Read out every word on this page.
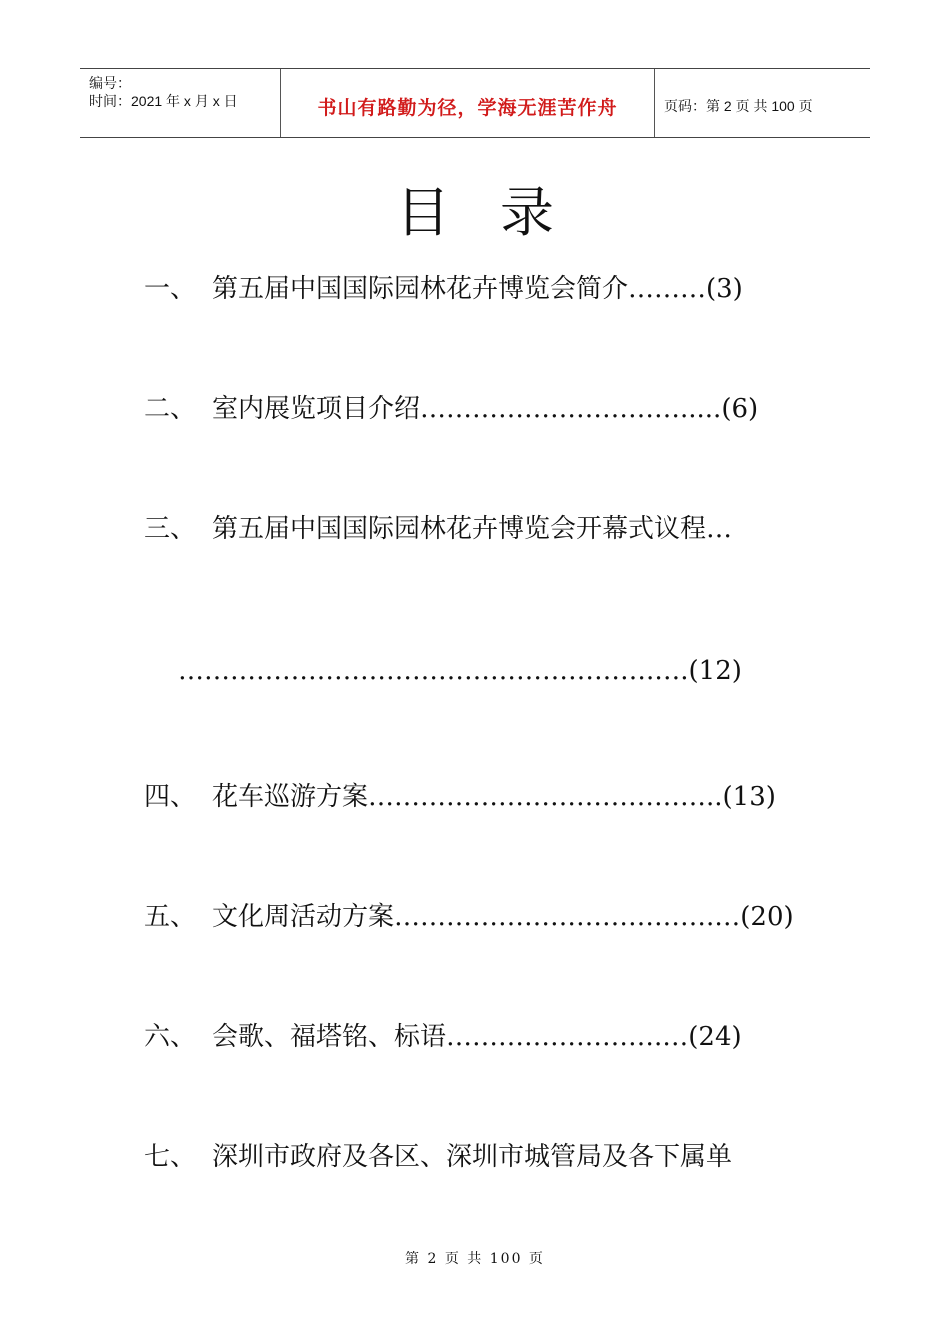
编号：
时间：2021 年 x 月 x 日	书山有路勤为径，学海无涯苦作舟	页码：第 2 页 共 100 页
目录
一、 第五届中国国际园林花卉博览会简介………(3)
二、 室内展览项目介绍………………………….....(6)
三、 第五届中国国际园林花卉博览会开幕式议程…
……………………………………………….….(12)
四、 花车巡游方案…………………………………..(13)
五、 文化周活动方案……………………………….…(20)
六、 会歌、福塔铭、标语…………………….…(24)
七、 深圳市政府及各区、深圳市城管局及各下属单
第 2 页 共 100 页
